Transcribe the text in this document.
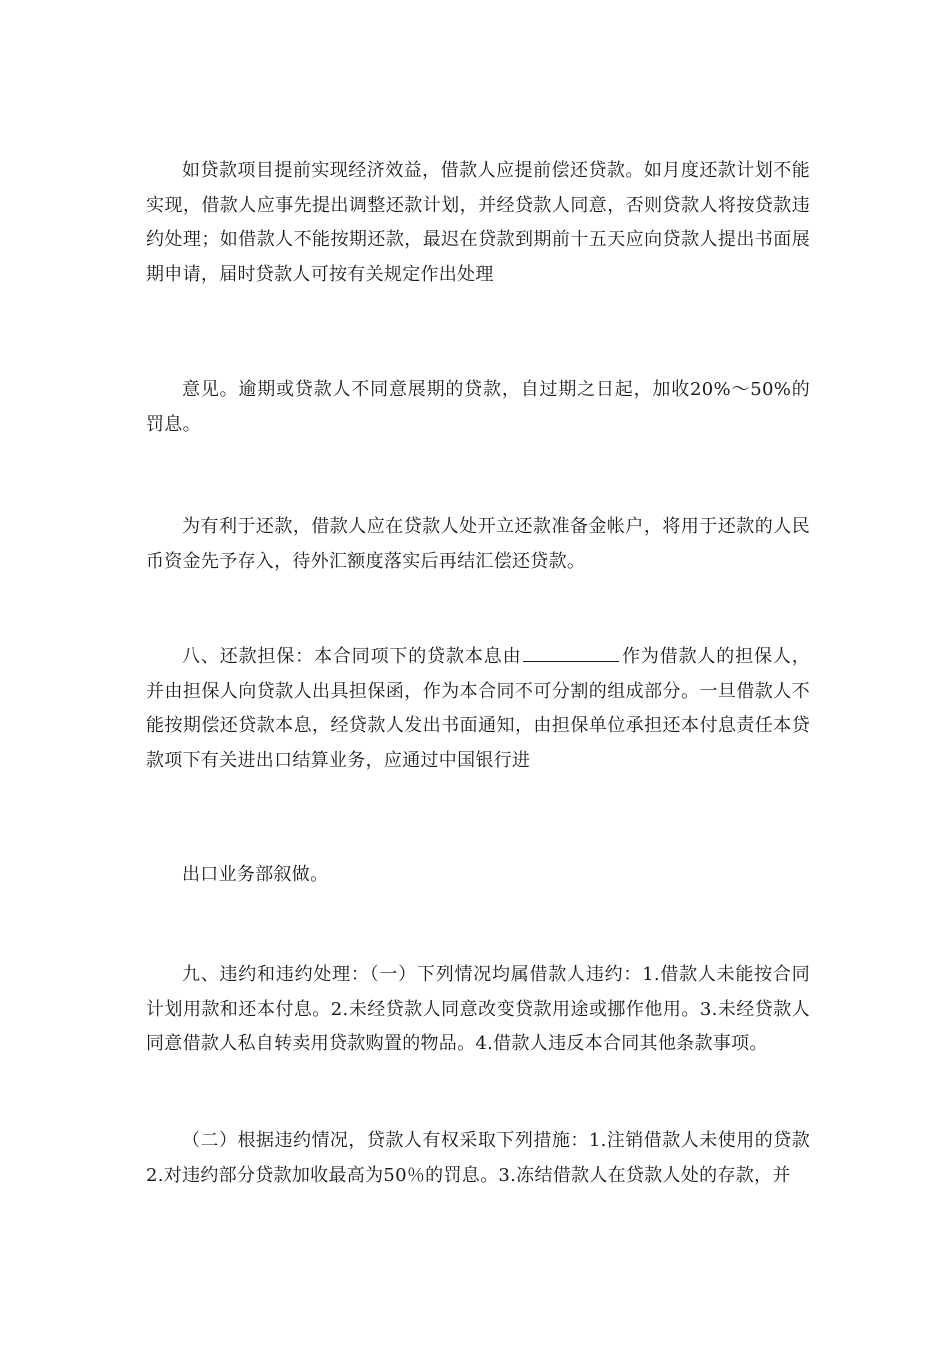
如贷款项目提前实现经济效益，借款人应提前偿还贷款。如月度还款计划不能实现，借款人应事先提出调整还款计划，并经贷款人同意，否则贷款人将按贷款违约处理；如借款人不能按期还款，最迟在贷款到期前十五天应向贷款人提出书面展期申请，届时贷款人可按有关规定作出处理

意见。逾期或贷款人不同意展期的贷款，自过期之日起，加收20%～50%的罚息。

为有利于还款，借款人应在贷款人处开立还款准备金帐户，将用于还款的人民币资金先予存入，待外汇额度落实后再结汇偿还贷款。

八、还款担保：本合同项下的贷款本息由	作为借款人的担保人，并由担保人向贷款人出具担保函，作为本合同不可分割的组成部分。一旦借款人不能按期偿还贷款本息，经贷款人发出书面通知，由担保单位承担还本付息责任本贷款项下有关进出口结算业务，应通过中国银行进

出口业务部叙做。

九、违约和违约处理：（一）下列情况均属借款人违约：1.借款人未能按合同计划用款和还本付息。2.未经贷款人同意改变贷款用途或挪作他用。3.未经贷款人同意借款人私自转卖用贷款购置的物品。4.借款人违反本合同其他条款事项。

（二）根据违约情况，贷款人有权采取下列措施：1.注销借款人未使用的贷款2.对违约部分贷款加收最高为50％的罚息。3.冻结借款人在贷款人处的存款，并
